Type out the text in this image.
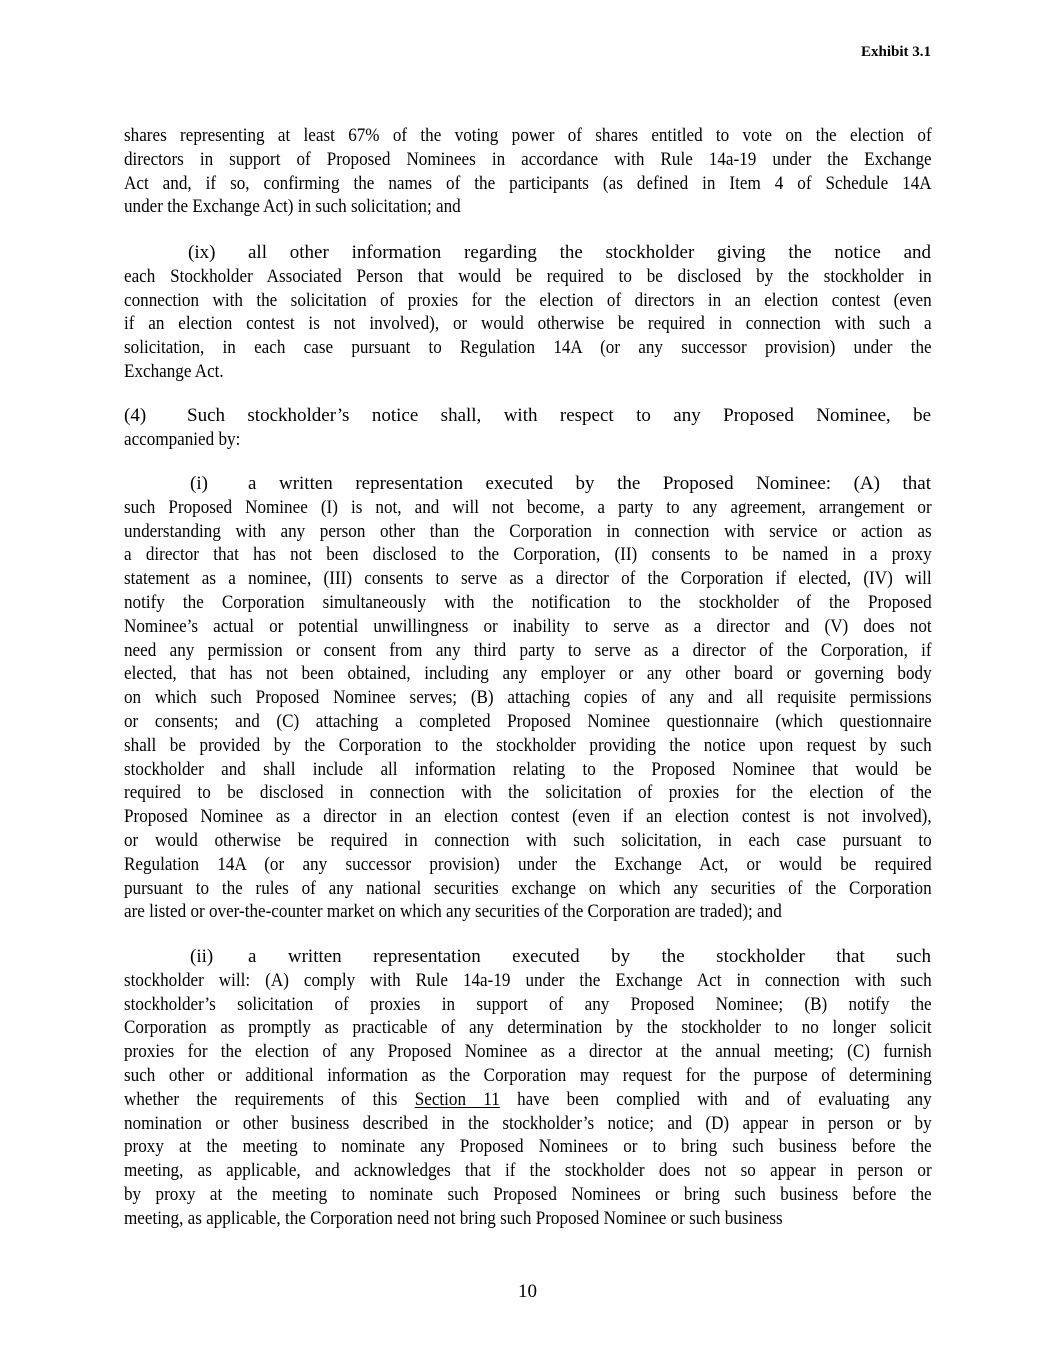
Exhibit 3.1
shares representing at least 67% of the voting power of shares entitled to vote on the election of
directors in support of Proposed Nominees in accordance with Rule 14a-19 under the Exchange
Act and, if so, confirming the names of the participants (as defined in Item 4 of Schedule 14A
under the Exchange Act) in such solicitation; and
(ix) all other information regarding the stockholder giving the notice and
each Stockholder Associated Person that would be required to be disclosed by the stockholder in
connection with the solicitation of proxies for the election of directors in an election contest (even
if an election contest is not involved), or would otherwise be required in connection with such a
solicitation, in each case pursuant to Regulation 14A (or any successor provision) under the
Exchange Act.
(4) Such stockholder’s notice shall, with respect to any Proposed Nominee, be
accompanied by:
(i) a written representation executed by the Proposed Nominee: (A) that
such Proposed Nominee (I) is not, and will not become, a party to any agreement, arrangement or
understanding with any person other than the Corporation in connection with service or action as
a director that has not been disclosed to the Corporation, (II) consents to be named in a proxy
statement as a nominee, (III) consents to serve as a director of the Corporation if elected, (IV) will
notify the Corporation simultaneously with the notification to the stockholder of the Proposed
Nominee’s actual or potential unwillingness or inability to serve as a director and (V) does not
need any permission or consent from any third party to serve as a director of the Corporation, if
elected, that has not been obtained, including any employer or any other board or governing body
on which such Proposed Nominee serves; (B) attaching copies of any and all requisite permissions
or consents; and (C) attaching a completed Proposed Nominee questionnaire (which questionnaire
shall be provided by the Corporation to the stockholder providing the notice upon request by such
stockholder and shall include all information relating to the Proposed Nominee that would be
required to be disclosed in connection with the solicitation of proxies for the election of the
Proposed Nominee as a director in an election contest (even if an election contest is not involved),
or would otherwise be required in connection with such solicitation, in each case pursuant to
Regulation 14A (or any successor provision) under the Exchange Act, or would be required
pursuant to the rules of any national securities exchange on which any securities of the Corporation
are listed or over-the-counter market on which any securities of the Corporation are traded); and
(ii) a written representation executed by the stockholder that such
stockholder will: (A) comply with Rule 14a-19 under the Exchange Act in connection with such
stockholder’s solicitation of proxies in support of any Proposed Nominee; (B) notify the
Corporation as promptly as practicable of any determination by the stockholder to no longer solicit
proxies for the election of any Proposed Nominee as a director at the annual meeting; (C) furnish
such other or additional information as the Corporation may request for the purpose of determining
whether the requirements of this Section 11 have been complied with and of evaluating any
nomination or other business described in the stockholder’s notice; and (D) appear in person or by
proxy at the meeting to nominate any Proposed Nominees or to bring such business before the
meeting, as applicable, and acknowledges that if the stockholder does not so appear in person or
by proxy at the meeting to nominate such Proposed Nominees or bring such business before the
meeting, as applicable, the Corporation need not bring such Proposed Nominee or such business
10
